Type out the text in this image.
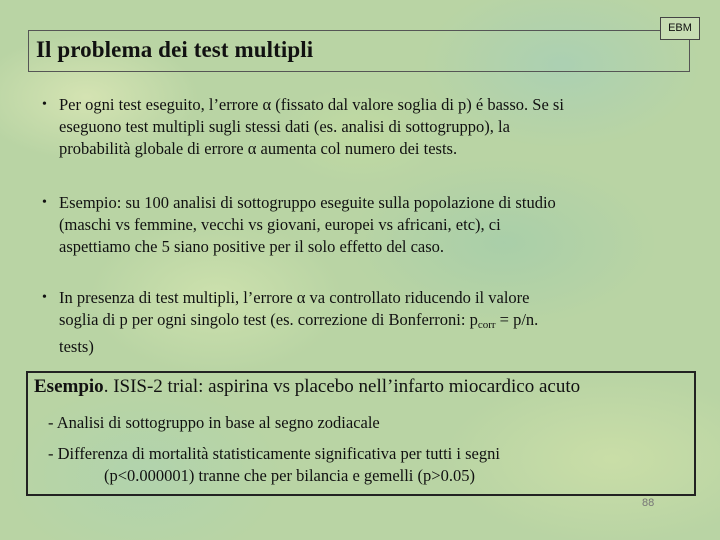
Il problema dei test multipli
EBM
• Per ogni test eseguito, l’errore α (fissato dal valore soglia di p) é basso. Se si
eseguono test multipli sugli stessi dati (es. analisi di sottogruppo), la
probabilità globale di errore α aumenta col numero dei tests.
• Esempio: su 100 analisi di sottogruppo eseguite sulla popolazione di studio
(maschi vs femmine, vecchi vs giovani, europei vs africani, etc), ci
aspettiamo che 5 siano positive per il solo effetto del caso.
• In presenza di test multipli, l’errore α va controllato riducendo il valore
soglia di p per ogni singolo test (es. correzione di Bonferroni: $p_{corr} = p/n$.
tests)
Esempio. ISIS-2 trial: aspirina vs placebo nell’infarto miocardico acuto
- Analisi di sottogruppo in base al segno zodiacale
- Differenza di mortalità statisticamente significativa per tutti i segni
(p<0.000001) tranne che per bilancia e gemelli (p>0.05)
88
